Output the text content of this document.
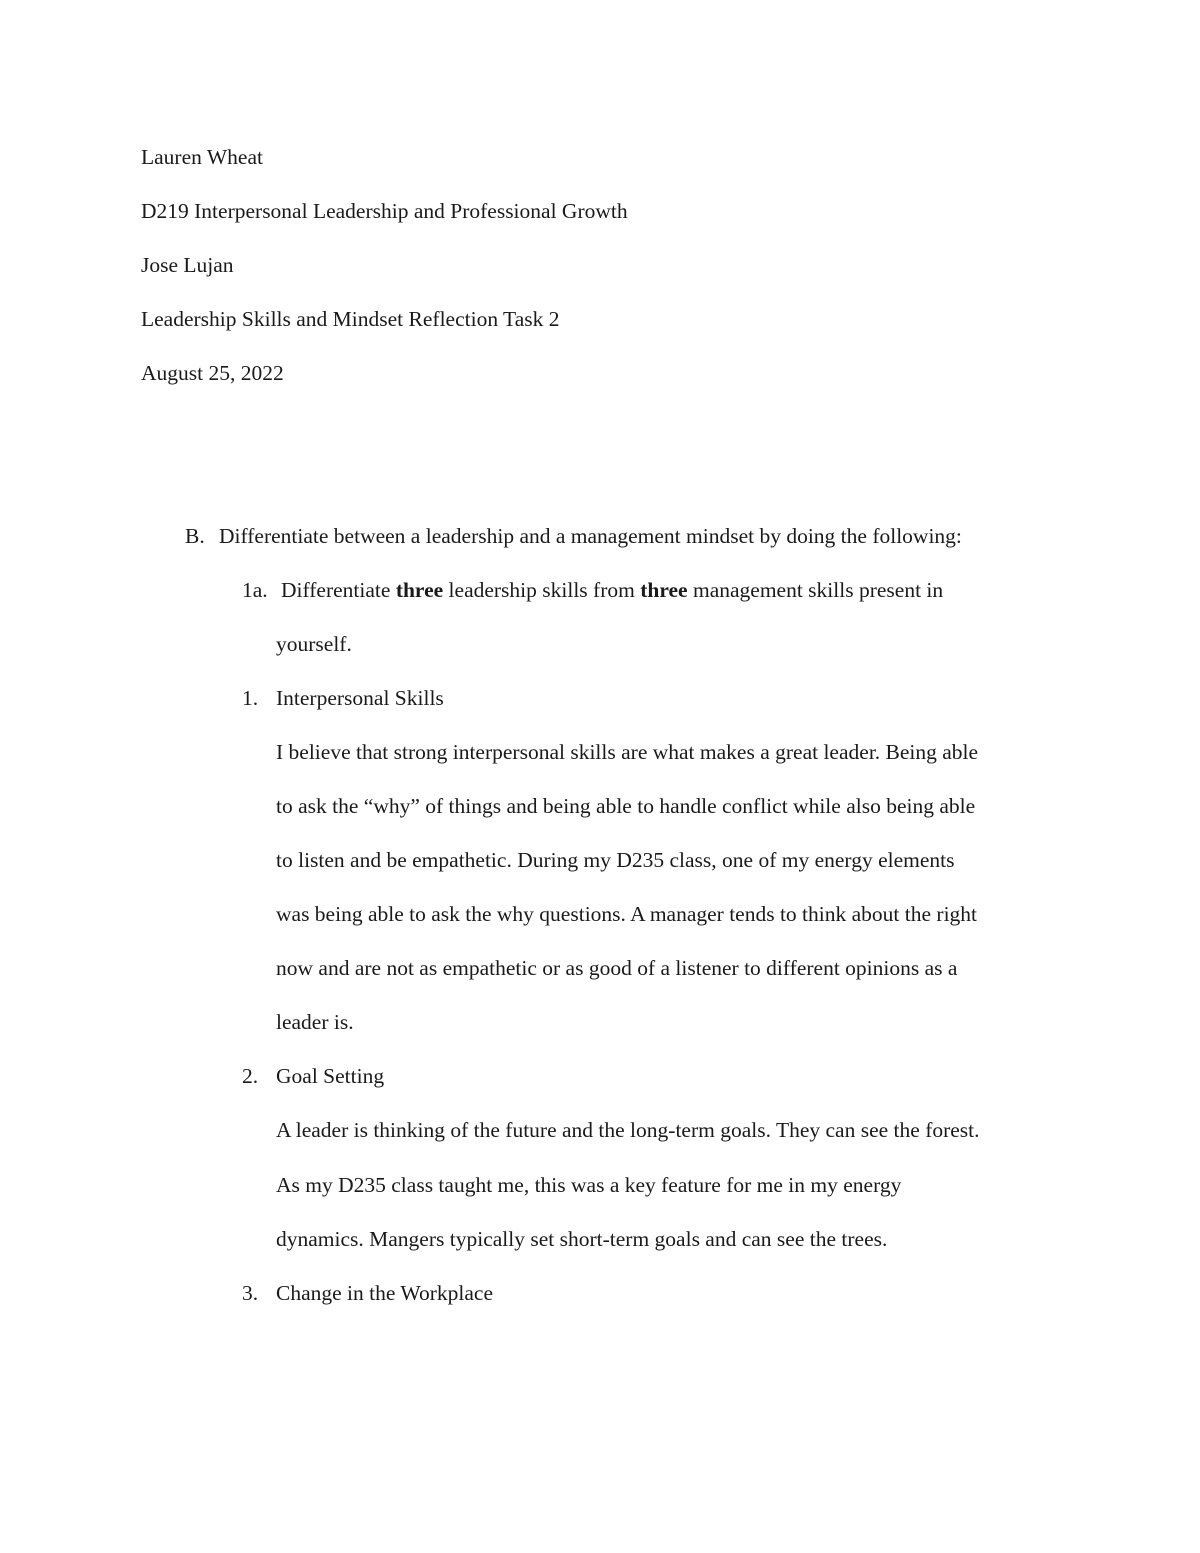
Lauren Wheat
D219 Interpersonal Leadership and Professional Growth
Jose Lujan
Leadership Skills and Mindset Reflection Task 2
August 25, 2022
B. Differentiate between a leadership and a management mindset by doing the following:
1a. Differentiate three leadership skills from three management skills present in
yourself.
1. Interpersonal Skills
I believe that strong interpersonal skills are what makes a great leader. Being able
to ask the “why” of things and being able to handle conflict while also being able
to listen and be empathetic. During my D235 class, one of my energy elements
was being able to ask the why questions. A manager tends to think about the right
now and are not as empathetic or as good of a listener to different opinions as a
leader is.
2. Goal Setting
A leader is thinking of the future and the long-term goals. They can see the forest.
As my D235 class taught me, this was a key feature for me in my energy
dynamics. Mangers typically set short-term goals and can see the trees.
3. Change in the Workplace
